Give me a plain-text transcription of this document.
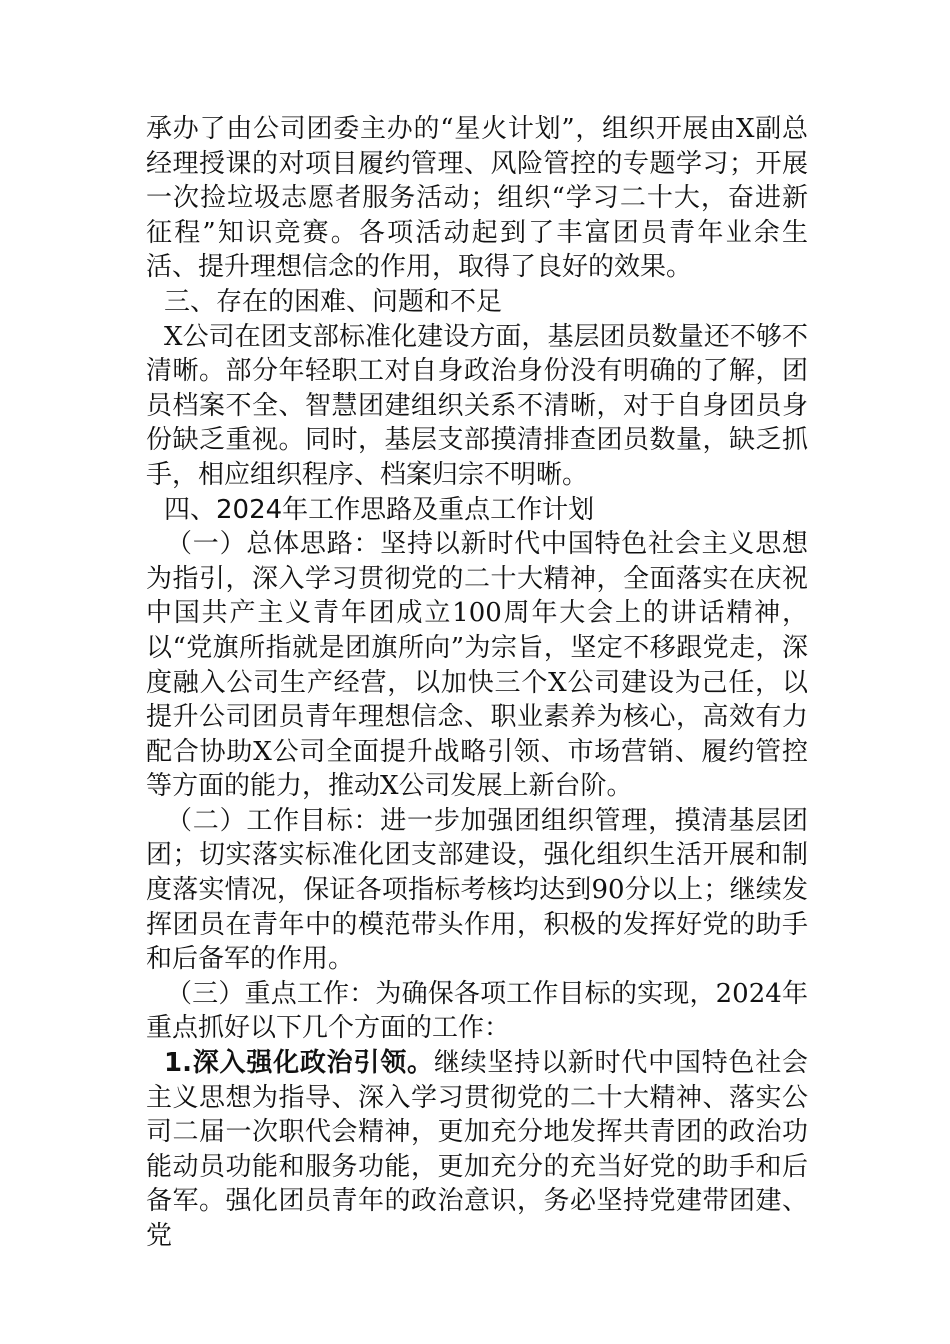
承办了由公司团委主办的“星火计划”，组织开展由X副总经理授课的对项目履约管理、风险管控的专题学习；开展一次捡垃圾志愿者服务活动；组织“学习二十大，奋进新征程”知识竞赛。各项活动起到了丰富团员青年业余生活、提升理想信念的作用，取得了良好的效果。

三、存在的困难、问题和不足

X公司在团支部标准化建设方面，基层团员数量还不够不清晰。部分年轻职工对自身政治身份没有明确的了解，团员档案不全、智慧团建组织关系不清晰，对于自身团员身份缺乏重视。同时，基层支部摸清排查团员数量，缺乏抓手，相应组织程序、档案归宗不明晰。

四、2024年工作思路及重点工作计划

（一）总体思路：坚持以新时代中国特色社会主义思想为指引，深入学习贯彻党的二十大精神，全面落实在庆祝中国共产主义青年团成立100周年大会上的讲话精神，以“党旗所指就是团旗所向”为宗旨，坚定不移跟党走，深度融入公司生产经营，以加快三个X公司建设为己任，以提升公司团员青年理想信念、职业素养为核心，高效有力配合协助X公司全面提升战略引领、市场营销、履约管控等方面的能力，推动X公司发展上新台阶。

（二）工作目标：进一步加强团组织管理，摸清基层团团；切实落实标准化团支部建设，强化组织生活开展和制度落实情况，保证各项指标考核均达到90分以上；继续发挥团员在青年中的模范带头作用，积极的发挥好党的助手和后备军的作用。

（三）重点工作：为确保各项工作目标的实现，2024年重点抓好以下几个方面的工作：

1.深入强化政治引领。继续坚持以新时代中国特色社会主义思想为指导、深入学习贯彻党的二十大精神、落实公司二届一次职代会精神，更加充分地发挥共青团的政治功能动员功能和服务功能，更加充分的充当好党的助手和后备军。强化团员青年的政治意识，务必坚持党建带团建、党
